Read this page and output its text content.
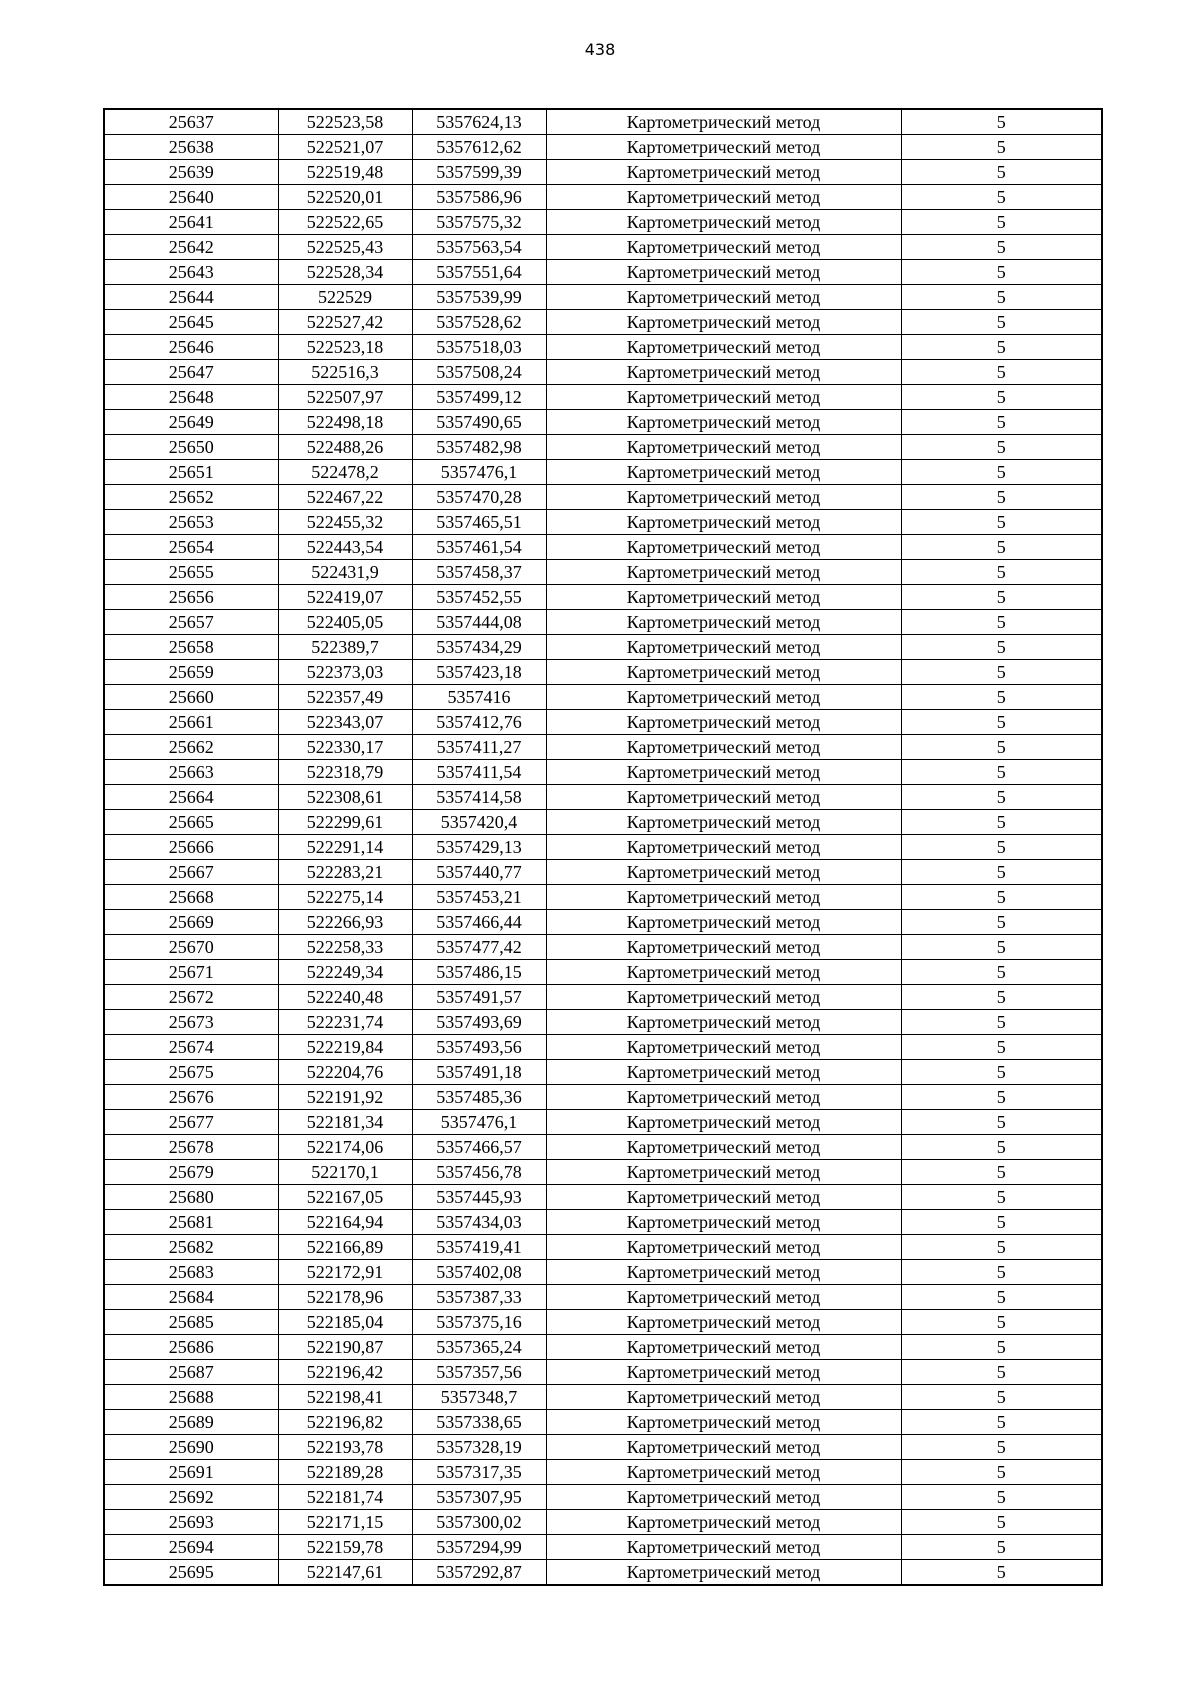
438
25637	522523,58	5357624,13	Картометрический метод	5
25638	522521,07	5357612,62	Картометрический метод	5
25639	522519,48	5357599,39	Картометрический метод	5
25640	522520,01	5357586,96	Картометрический метод	5
25641	522522,65	5357575,32	Картометрический метод	5
25642	522525,43	5357563,54	Картометрический метод	5
25643	522528,34	5357551,64	Картометрический метод	5
25644	522529	5357539,99	Картометрический метод	5
25645	522527,42	5357528,62	Картометрический метод	5
25646	522523,18	5357518,03	Картометрический метод	5
25647	522516,3	5357508,24	Картометрический метод	5
25648	522507,97	5357499,12	Картометрический метод	5
25649	522498,18	5357490,65	Картометрический метод	5
25650	522488,26	5357482,98	Картометрический метод	5
25651	522478,2	5357476,1	Картометрический метод	5
25652	522467,22	5357470,28	Картометрический метод	5
25653	522455,32	5357465,51	Картометрический метод	5
25654	522443,54	5357461,54	Картометрический метод	5
25655	522431,9	5357458,37	Картометрический метод	5
25656	522419,07	5357452,55	Картометрический метод	5
25657	522405,05	5357444,08	Картометрический метод	5
25658	522389,7	5357434,29	Картометрический метод	5
25659	522373,03	5357423,18	Картометрический метод	5
25660	522357,49	5357416	Картометрический метод	5
25661	522343,07	5357412,76	Картометрический метод	5
25662	522330,17	5357411,27	Картометрический метод	5
25663	522318,79	5357411,54	Картометрический метод	5
25664	522308,61	5357414,58	Картометрический метод	5
25665	522299,61	5357420,4	Картометрический метод	5
25666	522291,14	5357429,13	Картометрический метод	5
25667	522283,21	5357440,77	Картометрический метод	5
25668	522275,14	5357453,21	Картометрический метод	5
25669	522266,93	5357466,44	Картометрический метод	5
25670	522258,33	5357477,42	Картометрический метод	5
25671	522249,34	5357486,15	Картометрический метод	5
25672	522240,48	5357491,57	Картометрический метод	5
25673	522231,74	5357493,69	Картометрический метод	5
25674	522219,84	5357493,56	Картометрический метод	5
25675	522204,76	5357491,18	Картометрический метод	5
25676	522191,92	5357485,36	Картометрический метод	5
25677	522181,34	5357476,1	Картометрический метод	5
25678	522174,06	5357466,57	Картометрический метод	5
25679	522170,1	5357456,78	Картометрический метод	5
25680	522167,05	5357445,93	Картометрический метод	5
25681	522164,94	5357434,03	Картометрический метод	5
25682	522166,89	5357419,41	Картометрический метод	5
25683	522172,91	5357402,08	Картометрический метод	5
25684	522178,96	5357387,33	Картометрический метод	5
25685	522185,04	5357375,16	Картометрический метод	5
25686	522190,87	5357365,24	Картометрический метод	5
25687	522196,42	5357357,56	Картометрический метод	5
25688	522198,41	5357348,7	Картометрический метод	5
25689	522196,82	5357338,65	Картометрический метод	5
25690	522193,78	5357328,19	Картометрический метод	5
25691	522189,28	5357317,35	Картометрический метод	5
25692	522181,74	5357307,95	Картометрический метод	5
25693	522171,15	5357300,02	Картометрический метод	5
25694	522159,78	5357294,99	Картометрический метод	5
25695	522147,61	5357292,87	Картометрический метод	5
